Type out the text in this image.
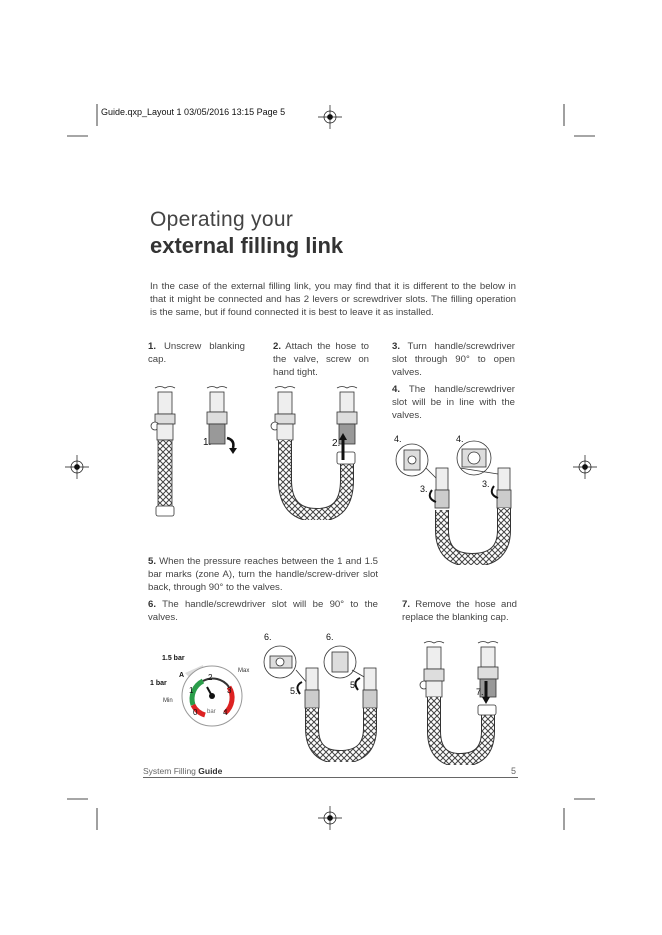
Guide.qxp_Layout 1 03/05/2016 13:15 Page 5
Operating your
external filling link
In the case of the external filling link, you may find that it is different to the below in that it might be connected and has 2 levers or screwdriver slots. The filling operation is the same, but if found connected it is best to leave it as installed.
1. Unscrew blanking cap.
2. Attach the hose to the valve, screw on hand tight.
3. Turn handle/screwdriver slot through 90° to open valves.
4. The handle/screwdriver slot will be in line with the valves.
5. When the pressure reaches between the 1 and 1.5 bar marks (zone A), turn the handle/screw-driver slot back, through 90° to the valves.
6. The handle/screwdriver slot will be 90° to the valves.
7. Remove the hose and replace the blanking cap.
1.	2.	4.	4.
3.	3.
1.5 bar
1 bar
A
Max
Min
0
1
2
3
4
bar
6.	6.
5.
5.
7.
System Filling Guide	5
